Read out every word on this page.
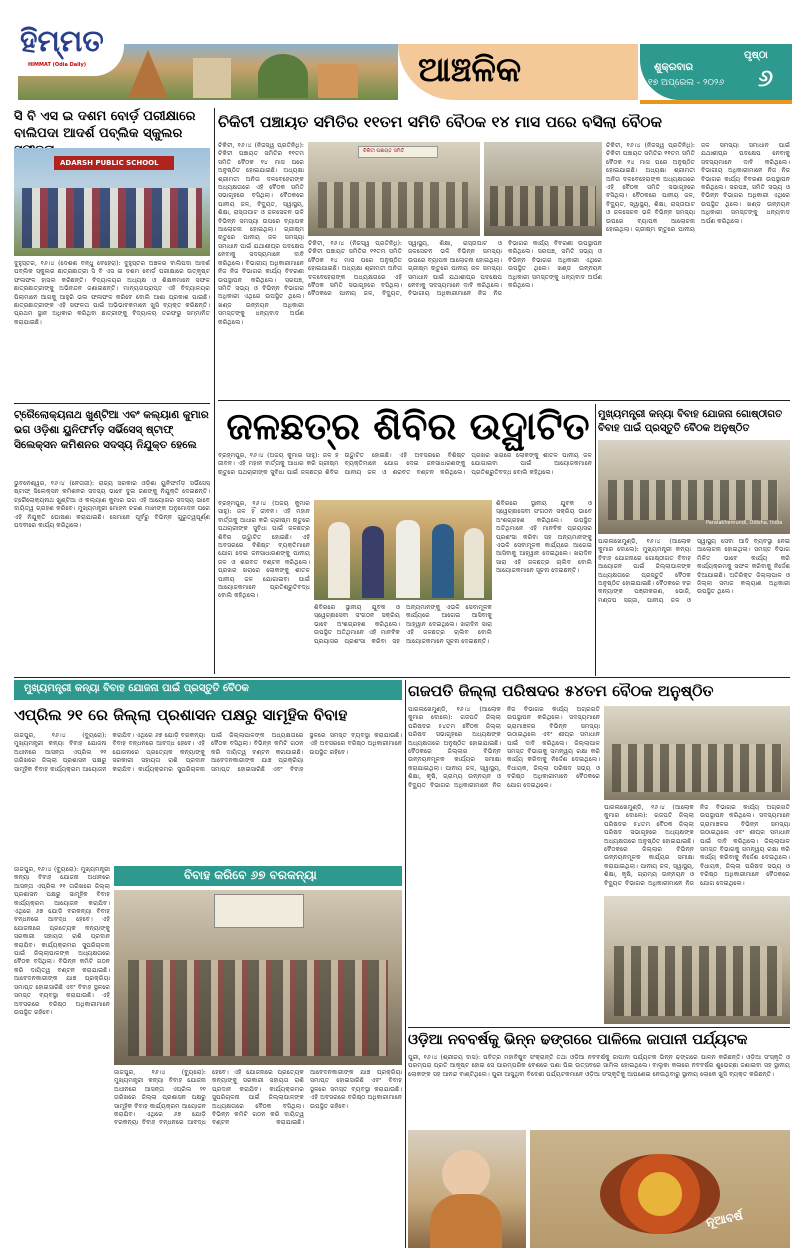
ହିମ୍ମତ
HIMMAT (Odia Daily)	ଆଞ୍ଚଳିକ	ଶୁକ୍ରବାର
୧୭ ଅପ୍ରେଲ - ୨୦୨୬
ପୃଷ୍ଠା
୬
ସି ବି ଏସ ଇ ଦଶମ ବୋର୍ଡ଼ ପରୀକ୍ଷାରେ ବାଲିପଦା ଆଦର୍ଶ ପବ୍ଲିକ ସ୍କୁଲର
ADARSH PUBLIC SCHOOL
ଦୁହୁସ୍ତର, ୧୬।୪ (ଦେଶଶ ବନ୍ଧୁ ବେହେରା): ଦୁହୁସ୍ତର ଅଞ୍ଚଳର ବାଲିପଦା ଆଦର୍ଶ ପବ୍ଲିକ ସ୍କୁଲର ଛାତ୍ରଛାତ୍ରୀ ସି ବି ଏସ ଇ ଦଶମ ବୋର୍ଡ଼ ପରୀକ୍ଷାରେ ଉତ୍କୃଷ୍ଟ ଫଳାଫଳ ହାସଲ କରିଛନ୍ତି। ବିଦ୍ୟାଳୟର ଅଧ୍ୟକ୍ଷ ଓ ଶିକ୍ଷକମାନେ ସଫଳ ଛାତ୍ରଛାତ୍ରୀଙ୍କୁ ଅଭିନନ୍ଦନ ଜଣାଇଛନ୍ତି। ମାନ୍ୟତାପ୍ରାପ୍ତ ଏହି ବିଦ୍ୟାଳୟର ପିଲାମାନେ ଆଗକୁ ଆହୁରି ଭଲ ଫଳାଫଳ କରିବେ ବୋଲି ଆଶା ପ୍ରକାଶ ପାଇଛି। ଛାତ୍ରଛାତ୍ରୀଙ୍କ ଏହି ସଫଳତା ପାଇଁ ଅଭିଭାବକମାନେ ଖୁସି ବ୍ୟକ୍ତ କରିଛନ୍ତି। ପ୍ରଥମ ସ୍ଥାନ ଅଧିକାର କରିଥିବା ଛାତ୍ରୀଙ୍କୁ ବିଦ୍ୟାଳୟ ତରଫରୁ ସମ୍ମାନିତ କରାଯାଇଛି।
ଟ୍ରୈଲୋକ୍ୟନାଥ ଖୁଣ୍ଟିଆ ଏବଂ କଲ୍ୟାଣ କୁମାର ଭଗ ଓଡ଼ିଶା ୟୁନିଫର୍ମଡ଼ ସର୍ଭିସେସ୍ ଷ୍ଟାଫ୍ ସିଲେକ୍ସନ କମିଶନର ସଦସ୍ୟ ନିଯୁକ୍ତ ହେଲେ
ଭୁବନେଶ୍ୱର, ୧୬।୪ (ନେତାଜୀ): ରାଜ୍ୟ ସରକାର ଓଡ଼ିଶା ୟୁନିଫର୍ମଡ଼ ସର୍ଭିସେସ୍ ଷ୍ଟାଫ୍ ସିଲେକ୍ସନ କମିଶନର ସଦସ୍ୟ ଭାବେ ଦୁଇ ଜଣଙ୍କୁ ନିଯୁକ୍ତି ଦେଇଛନ୍ତି। ଟ୍ରୈଲୋକ୍ୟନାଥ ଖୁଣ୍ଟିଆ ଓ କଲ୍ୟାଣ କୁମାର ଭଗ ଏହି ଆୟୋଗର ସଦସ୍ୟ ଭାବେ ଦାୟିତ୍ୱ ଗ୍ରହଣ କରିବେ। ମୁଖ୍ୟମନ୍ତ୍ରୀ ମୋହନ ଚରଣ ମାଝୀଙ୍କ ଅନୁମୋଦନ ପରେ ଏହି ନିଯୁକ୍ତି ଘୋଷଣା କରାଯାଇଛି। ସେମାନେ ପୂର୍ବରୁ ବିଭିନ୍ନ ଗୁରୁତ୍ୱପୂର୍ଣ୍ଣ ପଦବୀରେ କାର୍ଯ୍ୟ କରିଥିଲେ।
ଚିକିଟୀ ପଞ୍ଚାୟତ ସମିତିର ୧୧ତମ ସମିତି ବୈଠକ ୧୪ ମାସ ପରେ ବସିଲା ବୈଠକ
ଚିକିଟୀ ପଞ୍ଚାୟତ ସମିତି
ଚିକିଟୀ, ୧୬।୪ (ନିଜସ୍ୱ ପ୍ରତିନିଧି): ଚିକିଟୀ ପଞ୍ଚାୟତ ସମିତିର ୧୧ତମ ସମିତି ବୈଠକ ୧୪ ମାସ ପରେ ଅନୁଷ୍ଠିତ ହୋଇଯାଇଛି। ଅଧ୍ୟକ୍ଷା ଶ୍ରୀମତୀ ଅନିତା ଦଳବେହେରାଙ୍କ ଅଧ୍ୟକ୍ଷତାରେ ଏହି ବୈଠକ ସମିତି ସଭାଗୃହରେ ବସିଥିଲା। ବୈଠକରେ ପାନୀୟ ଜଳ, ବିଦ୍ୟୁତ, ସ୍ୱାସ୍ଥ୍ୟ, ଶିକ୍ଷା, ରାସ୍ତାଘାଟ ଓ ଜଳସେଚନ ଭଳି ବିଭିନ୍ନ ସମସ୍ୟା ଉପରେ ବ୍ୟାପକ ଆଲୋଚନା ହୋଇଥିଲା। ଗ୍ରୀଷ୍ମ ଋତୁରେ ପାନୀୟ ଜଳ ସମସ୍ୟା ସମାଧାନ ପାଇଁ ଯଥାଶୀଘ୍ର ପଦକ୍ଷେପ ନେବାକୁ ସଦସ୍ୟମାନେ ଦାବି କରିଥିଲେ। ବିଭାଗୀୟ ଅଧିକାରୀମାନେ ନିଜ ନିଜ ବିଭାଗର କାର୍ଯ୍ୟ ବିବରଣୀ ଉପସ୍ଥାପନ କରିଥିଲେ। ସରପଞ୍ଚ, ସମିତି ସଭ୍ୟ ଓ ବିଭିନ୍ନ ବିଭାଗର ଅଧିକାରୀ ଏଥିରେ ଉପସ୍ଥିତ ଥିଲେ। ଖଣ୍ଡ ଉନ୍ନୟନ ଅଧିକାରୀ ସମସ୍ତଙ୍କୁ ଧନ୍ୟବାଦ ଅର୍ପଣ କରିଥିଲେ।
ଚିକିଟୀ, ୧୬।୪ (ନିଜସ୍ୱ ପ୍ରତିନିଧି): ଚିକିଟୀ ପଞ୍ଚାୟତ ସମିତିର ୧୧ତମ ସମିତି ବୈଠକ ୧୪ ମାସ ପରେ ଅନୁଷ୍ଠିତ ହୋଇଯାଇଛି। ଅଧ୍ୟକ୍ଷା ଶ୍ରୀମତୀ ଅନିତା ଦଳବେହେରାଙ୍କ ଅଧ୍ୟକ୍ଷତାରେ ଏହି ବୈଠକ ସମିତି ସଭାଗୃହରେ ବସିଥିଲା। ବୈଠକରେ ପାନୀୟ ଜଳ, ବିଦ୍ୟୁତ, ସ୍ୱାସ୍ଥ୍ୟ, ଶିକ୍ଷା, ରାସ୍ତାଘାଟ ଓ ଜଳସେଚନ ଭଳି ବିଭିନ୍ନ ସମସ୍ୟା ଉପରେ ବ୍ୟାପକ ଆଲୋଚନା ହୋଇଥିଲା। ଗ୍ରୀଷ୍ମ ଋତୁରେ ପାନୀୟ ଜଳ ସମସ୍ୟା ସମାଧାନ ପାଇଁ ଯଥାଶୀଘ୍ର ପଦକ୍ଷେପ ନେବାକୁ ସଦସ୍ୟମାନେ ଦାବି କରିଥିଲେ। ବିଭାଗୀୟ ଅଧିକାରୀମାନେ ନିଜ ନିଜ ବିଭାଗର କାର୍ଯ୍ୟ ବିବରଣୀ ଉପସ୍ଥାପନ କରିଥିଲେ। ସରପଞ୍ଚ, ସମିତି ସଭ୍ୟ ଓ ବିଭିନ୍ନ ବିଭାଗର ଅଧିକାରୀ ଏଥିରେ ଉପସ୍ଥିତ ଥିଲେ। ଖଣ୍ଡ ଉନ୍ନୟନ ଅଧିକାରୀ ସମସ୍ତଙ୍କୁ ଧନ୍ୟବାଦ ଅର୍ପଣ କରିଥିଲେ।
ଚିକିଟୀ, ୧୬।୪ (ନିଜସ୍ୱ ପ୍ରତିନିଧି): ଚିକିଟୀ ପଞ୍ଚାୟତ ସମିତିର ୧୧ତମ ସମିତି ବୈଠକ ୧୪ ମାସ ପରେ ଅନୁଷ୍ଠିତ ହୋଇଯାଇଛି। ଅଧ୍ୟକ୍ଷା ଶ୍ରୀମତୀ ଅନିତା ଦଳବେହେରାଙ୍କ ଅଧ୍ୟକ୍ଷତାରେ ଏହି ବୈଠକ ସମିତି ସଭାଗୃହରେ ବସିଥିଲା। ବୈଠକରେ ପାନୀୟ ଜଳ, ବିଦ୍ୟୁତ, ସ୍ୱାସ୍ଥ୍ୟ, ଶିକ୍ଷା, ରାସ୍ତାଘାଟ ଓ ଜଳସେଚନ ଭଳି ବିଭିନ୍ନ ସମସ୍ୟା ଉପରେ ବ୍ୟାପକ ଆଲୋଚନା ହୋଇଥିଲା। ଗ୍ରୀଷ୍ମ ଋତୁରେ ପାନୀୟ ଜଳ ସମସ୍ୟା ସମାଧାନ ପାଇଁ ଯଥାଶୀଘ୍ର ପଦକ୍ଷେପ ନେବାକୁ ସଦସ୍ୟମାନେ ଦାବି କରିଥିଲେ। ବିଭାଗୀୟ ଅଧିକାରୀମାନେ ନିଜ ନିଜ ବିଭାଗର କାର୍ଯ୍ୟ ବିବରଣୀ ଉପସ୍ଥାପନ କରିଥିଲେ। ସରପଞ୍ଚ, ସମିତି ସଭ୍ୟ ଓ ବିଭିନ୍ନ ବିଭାଗର ଅଧିକାରୀ ଏଥିରେ ଉପସ୍ଥିତ ଥିଲେ। ଖଣ୍ଡ ଉନ୍ନୟନ ଅଧିକାରୀ ସମସ୍ତଙ୍କୁ ଧନ୍ୟବାଦ ଅର୍ପଣ କରିଥିଲେ।
ଜଳଛତ୍ର ଶିବିର ଉଦ୍ଘାଟିତ
ବ୍ରହ୍ମପୁର, ୧୬।୪ (ଅଜୟ କୁମାର ସାହୁ): ଜଳ ହିଁ ଜୀବନ। ଏହି ମହାନ ବାର୍ତ୍ତାକୁ ଆଧାର କରି ଗ୍ରୀଷ୍ମ ଋତୁରେ ପଥଚାରୀଙ୍କ ସୁବିଧା ପାଇଁ ଜଳଛତ୍ର ଶିବିର ଉଦ୍ଘାଟିତ ହୋଇଛି। ଏହି ଅବସରରେ ବିଶିଷ୍ଟ ବ୍ୟକ୍ତିମାନେ ଯୋଗ ଦେଇ ଜନସାଧାରଣଙ୍କୁ ପାନୀୟ ଜଳ ଓ ଶରବତ ବଣ୍ଟନ କରିଥିଲେ। ପ୍ରଖର ଖରାରେ ଲୋକଙ୍କୁ ଶୀତଳ ପାନୀୟ ଜଳ ଯୋଗାଇବା ପାଇଁ ଆୟୋଜକମାନେ ପ୍ରତିଶ୍ରୁତିବଦ୍ଧ ବୋଲି କହିଥିଲେ।
ବ୍ରହ୍ମପୁର, ୧୬।୪ (ଅଜୟ କୁମାର ସାହୁ): ଜଳ ହିଁ ଜୀବନ। ଏହି ମହାନ ବାର୍ତ୍ତାକୁ ଆଧାର କରି ଗ୍ରୀଷ୍ମ ଋତୁରେ ପଥଚାରୀଙ୍କ ସୁବିଧା ପାଇଁ ଜଳଛତ୍ର ଶିବିର ଉଦ୍ଘାଟିତ ହୋଇଛି। ଏହି ଅବସରରେ ବିଶିଷ୍ଟ ବ୍ୟକ୍ତିମାନେ ଯୋଗ ଦେଇ ଜନସାଧାରଣଙ୍କୁ ପାନୀୟ ଜଳ ଓ ଶରବତ ବଣ୍ଟନ କରିଥିଲେ। ପ୍ରଖର ଖରାରେ ଲୋକଙ୍କୁ ଶୀତଳ ପାନୀୟ ଜଳ ଯୋଗାଇବା ପାଇଁ ଆୟୋଜକମାନେ ପ୍ରତିଶ୍ରୁତିବଦ୍ଧ ବୋଲି କହିଥିଲେ।
ଶିବିରରେ ସ୍ଥାନୀୟ ଯୁବକ ଓ ସ୍ୱେଚ୍ଛାସେବୀ ସଂଗଠନ ସକ୍ରିୟ ଭାବେ ଅଂଶଗ୍ରହଣ କରିଥିଲେ। ଉପସ୍ଥିତ ଅତିଥିମାନେ ଏହି ମାନବିକ ପ୍ରୟାସର ପ୍ରଶଂସା କରିବା ସହ ଅନ୍ୟମାନଙ୍କୁ ଏଭଳି ସେବାମୂଳକ କାର୍ଯ୍ୟରେ ଆଗେଇ ଆସିବାକୁ ଆହ୍ୱାନ ଦେଇଥିଲେ। ଖରାଦିନ ସାରା ଏହି ଜଳଛତ୍ର ଚାଲିବ ବୋଲି ଆୟୋଜକମାନେ ସୂଚନା ଦେଇଛନ୍ତି।
ଶିବିରରେ ସ୍ଥାନୀୟ ଯୁବକ ଓ ସ୍ୱେଚ୍ଛାସେବୀ ସଂଗଠନ ସକ୍ରିୟ ଭାବେ ଅଂଶଗ୍ରହଣ କରିଥିଲେ। ଉପସ୍ଥିତ ଅତିଥିମାନେ ଏହି ମାନବିକ ପ୍ରୟାସର ପ୍ରଶଂସା କରିବା ସହ ଅନ୍ୟମାନଙ୍କୁ ଏଭଳି ସେବାମୂଳକ କାର୍ଯ୍ୟରେ ଆଗେଇ ଆସିବାକୁ ଆହ୍ୱାନ ଦେଇଥିଲେ। ଖରାଦିନ ସାରା ଏହି ଜଳଛତ୍ର ଚାଲିବ ବୋଲି ଆୟୋଜକମାନେ ସୂଚନା ଦେଇଛନ୍ତି।
ମୁଖ୍ୟମନ୍ତ୍ରୀ କନ୍ୟା ବିବାହ ଯୋଜନା ଗୋଷ୍ଠୀଗତ ବିବାହ ପାଇଁ ପ୍ରସ୍ତୁତି ବୈଠକ ଅନୁଷ୍ଠିତ
Paralakhemundi, Odisha, India
ପାରଳାଖେମୁଣ୍ଡି, ୧୬।୪ (ଆଲୋକ କୁମାର ଦୋଲେ): ମୁଖ୍ୟମନ୍ତ୍ରୀ କନ୍ୟା ବିବାହ ଯୋଜନାରେ ଗୋଷ୍ଠୀଗତ ବିବାହ ଆୟୋଜନ ପାଇଁ ଜିଲ୍ଲାପାଳଙ୍କ ଅଧ୍ୟକ୍ଷତାରେ ପ୍ରସ୍ତୁତି ବୈଠକ ଅନୁଷ୍ଠିତ ହୋଇଯାଇଛି। ବୈଠକରେ ବର କନ୍ୟାଙ୍କ ପଞ୍ଜୀକରଣ, ଭୋଜି, ମଣ୍ଡପ ସଜ୍ଜା, ପାନୀୟ ଜଳ ଓ ସ୍ୱାସ୍ଥ୍ୟ ସେବା ଆଦି ବ୍ୟବସ୍ଥା ନେଇ ଆଲୋଚନା ହୋଇଥିଲା। ସମସ୍ତ ବିଭାଗ ମିଳିତ ଭାବେ କାର୍ଯ୍ୟ କରି କାର୍ଯ୍ୟକ୍ରମକୁ ସଫଳ କରିବାକୁ ନିର୍ଦ୍ଦେଶ ଦିଆଯାଇଛି। ଅତିରିକ୍ତ ଜିଲ୍ଲାପାଳ ଓ ଜିଲ୍ଲା ସମାଜ କଲ୍ୟାଣ ଅଧିକାରୀ ଉପସ୍ଥିତ ଥିଲେ।
ମୁଖ୍ୟମନ୍ତ୍ରୀ କନ୍ୟା ବିବାହ ଯୋଜନା ପାଇଁ ପ୍ରସ୍ତୁତି ବୈଠକ
ଏପ୍ରିଲ ୨୧ ରେ ଜିଲ୍ଲା ପ୍ରଶାସନ ପକ୍ଷରୁ ସାମୂହିକ ବିବାହ
ଜାଜପୁର, ୧୬।୪ (ବ୍ୟୁରୋ): ମୁଖ୍ୟମନ୍ତ୍ରୀ କନ୍ୟା ବିବାହ ଯୋଜନା ଅଧୀନରେ ଆସନ୍ତା ଏପ୍ରିଲ ୨୧ ତାରିଖରେ ଜିଲ୍ଲା ପ୍ରଶାସନ ପକ୍ଷରୁ ସାମୂହିକ ବିବାହ କାର୍ଯ୍ୟକ୍ରମ ଆୟୋଜନ କରାଯିବ। ଏଥିରେ ୬୭ ଯୋଡ଼ି ବରକନ୍ୟା ବିବାହ ବନ୍ଧନରେ ଆବଦ୍ଧ ହେବେ। ଏହି ଯୋଜନାରେ ପ୍ରତ୍ୟେକ କନ୍ୟାଙ୍କୁ ସରକାରୀ ସହାୟତା ରାଶି ପ୍ରଦାନ କରାଯିବ। କାର୍ଯ୍ୟକ୍ରମର ସୁପରିଚାଳନା ପାଇଁ ଜିଲ୍ଲାପାଳଙ୍କ ଅଧ୍ୟକ୍ଷତାରେ ବୈଠକ ବସିଥିଲା। ବିଭିନ୍ନ କମିଟି ଗଠନ କରି ଦାୟିତ୍ୱ ବଣ୍ଟନ କରାଯାଇଛି। ଆବେଦନକାରୀଙ୍କ ଯାଞ୍ଚ ପ୍ରକ୍ରିୟା ସମାପ୍ତ ହୋଇସାରିଛି ଏବଂ ବିବାହ ସ୍ଥଳରେ ସମସ୍ତ ବ୍ୟବସ୍ଥା କରାଯାଉଛି। ଏହି ଅବସରରେ ବରିଷ୍ଠ ଅଧିକାରୀମାନେ ଉପସ୍ଥିତ ରହିବେ।
ବିବାହ କରିବେ ୬୭ ବରକନ୍ୟା
ଜାଜପୁର, ୧୬।୪ (ବ୍ୟୁରୋ): ମୁଖ୍ୟମନ୍ତ୍ରୀ କନ୍ୟା ବିବାହ ଯୋଜନା ଅଧୀନରେ ଆସନ୍ତା ଏପ୍ରିଲ ୨୧ ତାରିଖରେ ଜିଲ୍ଲା ପ୍ରଶାସନ ପକ୍ଷରୁ ସାମୂହିକ ବିବାହ କାର୍ଯ୍ୟକ୍ରମ ଆୟୋଜନ କରାଯିବ। ଏଥିରେ ୬୭ ଯୋଡ଼ି ବରକନ୍ୟା ବିବାହ ବନ୍ଧନରେ ଆବଦ୍ଧ ହେବେ। ଏହି ଯୋଜନାରେ ପ୍ରତ୍ୟେକ କନ୍ୟାଙ୍କୁ ସରକାରୀ ସହାୟତା ରାଶି ପ୍ରଦାନ କରାଯିବ। କାର୍ଯ୍ୟକ୍ରମର ସୁପରିଚାଳନା ପାଇଁ ଜିଲ୍ଲାପାଳଙ୍କ ଅଧ୍ୟକ୍ଷତାରେ ବୈଠକ ବସିଥିଲା। ବିଭିନ୍ନ କମିଟି ଗଠନ କରି ଦାୟିତ୍ୱ ବଣ୍ଟନ କରାଯାଇଛି। ଆବେଦନକାରୀଙ୍କ ଯାଞ୍ଚ ପ୍ରକ୍ରିୟା ସମାପ୍ତ ହୋଇସାରିଛି ଏବଂ ବିବାହ ସ୍ଥଳରେ ସମସ୍ତ ବ୍ୟବସ୍ଥା କରାଯାଉଛି। ଏହି ଅବସରରେ ବରିଷ୍ଠ ଅଧିକାରୀମାନେ ଉପସ୍ଥିତ ରହିବେ।
ଜାଜପୁର, ୧୬।୪ (ବ୍ୟୁରୋ): ମୁଖ୍ୟମନ୍ତ୍ରୀ କନ୍ୟା ବିବାହ ଯୋଜନା ଅଧୀନରେ ଆସନ୍ତା ଏପ୍ରିଲ ୨୧ ତାରିଖରେ ଜିଲ୍ଲା ପ୍ରଶାସନ ପକ୍ଷରୁ ସାମୂହିକ ବିବାହ କାର୍ଯ୍ୟକ୍ରମ ଆୟୋଜନ କରାଯିବ। ଏଥିରେ ୬୭ ଯୋଡ଼ି ବରକନ୍ୟା ବିବାହ ବନ୍ଧନରେ ଆବଦ୍ଧ ହେବେ। ଏହି ଯୋଜନାରେ ପ୍ରତ୍ୟେକ କନ୍ୟାଙ୍କୁ ସରକାରୀ ସହାୟତା ରାଶି ପ୍ରଦାନ କରାଯିବ। କାର୍ଯ୍ୟକ୍ରମର ସୁପରିଚାଳନା ପାଇଁ ଜିଲ୍ଲାପାଳଙ୍କ ଅଧ୍ୟକ୍ଷତାରେ ବୈଠକ ବସିଥିଲା। ବିଭିନ୍ନ କମିଟି ଗଠନ କରି ଦାୟିତ୍ୱ ବଣ୍ଟନ କରାଯାଇଛି। ଆବେଦନକାରୀଙ୍କ ଯାଞ୍ଚ ପ୍ରକ୍ରିୟା ସମାପ୍ତ ହୋଇସାରିଛି ଏବଂ ବିବାହ ସ୍ଥଳରେ ସମସ୍ତ ବ୍ୟବସ୍ଥା କରାଯାଉଛି। ଏହି ଅବସରରେ ବରିଷ୍ଠ ଅଧିକାରୀମାନେ ଉପସ୍ଥିତ ରହିବେ।
ଗଜପତି ଜିଲ୍ଲା ପରିଷଦର ୫୪ତମ ବୈଠକ ଅନୁଷ୍ଠିତ
ପାରଳାଖେମୁଣ୍ଡି, ୧୬।୪ (ଆଲୋକ କୁମାର ଦୋଲେ): ଗଜପତି ଜିଲ୍ଲା ପରିଷଦର ୫୪ତମ ବୈଠକ ଜିଲ୍ଲା ପରିଷଦ ସଭାଗୃହରେ ଅଧ୍ୟକ୍ଷଙ୍କ ଅଧ୍ୟକ୍ଷତାରେ ଅନୁଷ୍ଠିତ ହୋଇଯାଇଛି। ବୈଠକରେ ଜିଲ୍ଲାର ବିଭିନ୍ନ ଉନ୍ନୟନମୂଳକ କାର୍ଯ୍ୟର ସମୀକ୍ଷା କରାଯାଇଥିଲା। ପାନୀୟ ଜଳ, ସ୍ୱାସ୍ଥ୍ୟ, ଶିକ୍ଷା, କୃଷି, ଗ୍ରାମ୍ୟ ଉନ୍ନୟନ ଓ ବିଦ୍ୟୁତ ବିଭାଗର ଅଧିକାରୀମାନେ ନିଜ ନିଜ ବିଭାଗର କାର୍ଯ୍ୟ ଅଗ୍ରଗତି ଉପସ୍ଥାପନ କରିଥିଲେ। ସଦସ୍ୟମାନେ ଗ୍ରାମାଞ୍ଚଳର ବିଭିନ୍ନ ସମସ୍ୟା ଉଠାଇଥିଲେ ଏବଂ ଶୀଘ୍ର ସମାଧାନ ପାଇଁ ଦାବି କରିଥିଲେ। ଜିଲ୍ଲାପାଳ ସମସ୍ତ ବିଭାଗକୁ ସମନ୍ୱୟ ରକ୍ଷା କରି କାର୍ଯ୍ୟ କରିବାକୁ ନିର୍ଦ୍ଦେଶ ଦେଇଥିଲେ। ବିଧାୟକ, ଜିଲ୍ଲା ପରିଷଦ ସଭ୍ୟ ଓ ବରିଷ୍ଠ ଅଧିକାରୀମାନେ ବୈଠକରେ ଯୋଗ ଦେଇଥିଲେ।
ପାରଳାଖେମୁଣ୍ଡି, ୧୬।୪ (ଆଲୋକ କୁମାର ଦୋଲେ): ଗଜପତି ଜିଲ୍ଲା ପରିଷଦର ୫୪ତମ ବୈଠକ ଜିଲ୍ଲା ପରିଷଦ ସଭାଗୃହରେ ଅଧ୍ୟକ୍ଷଙ୍କ ଅଧ୍ୟକ୍ଷତାରେ ଅନୁଷ୍ଠିତ ହୋଇଯାଇଛି। ବୈଠକରେ ଜିଲ୍ଲାର ବିଭିନ୍ନ ଉନ୍ନୟନମୂଳକ କାର୍ଯ୍ୟର ସମୀକ୍ଷା କରାଯାଇଥିଲା। ପାନୀୟ ଜଳ, ସ୍ୱାସ୍ଥ୍ୟ, ଶିକ୍ଷା, କୃଷି, ଗ୍ରାମ୍ୟ ଉନ୍ନୟନ ଓ ବିଦ୍ୟୁତ ବିଭାଗର ଅଧିକାରୀମାନେ ନିଜ ନିଜ ବିଭାଗର କାର୍ଯ୍ୟ ଅଗ୍ରଗତି ଉପସ୍ଥାପନ କରିଥିଲେ। ସଦସ୍ୟମାନେ ଗ୍ରାମାଞ୍ଚଳର ବିଭିନ୍ନ ସମସ୍ୟା ଉଠାଇଥିଲେ ଏବଂ ଶୀଘ୍ର ସମାଧାନ ପାଇଁ ଦାବି କରିଥିଲେ। ଜିଲ୍ଲାପାଳ ସମସ୍ତ ବିଭାଗକୁ ସମନ୍ୱୟ ରକ୍ଷା କରି କାର୍ଯ୍ୟ କରିବାକୁ ନିର୍ଦ୍ଦେଶ ଦେଇଥିଲେ। ବିଧାୟକ, ଜିଲ୍ଲା ପରିଷଦ ସଭ୍ୟ ଓ ବରିଷ୍ଠ ଅଧିକାରୀମାନେ ବୈଠକରେ ଯୋଗ ଦେଇଥିଲେ।
ଓଡ଼ିଆ ନବବର୍ଷକୁ ଭିନ୍ନ ଢଙ୍ଗରେ ପାଳିଲେ ଜାପାନୀ ପର୍ଯ୍ୟଟକ
ପୁରୀ, ୧୬।୪ (ଶ୍ରୀଜୟ ଦାସ): ପବିତ୍ର ମହାବିଷୁବ ସଂକ୍ରାନ୍ତି ତଥା ଓଡ଼ିଆ ନବବର୍ଷକୁ ଜାପାନୀ ପର୍ଯ୍ୟଟକ ଭିନ୍ନ ଢଙ୍ଗରେ ପାଳନ କରିଛନ୍ତି। ଓଡ଼ିଆ ସଂସ୍କୃତି ଓ ପରମ୍ପରା ପ୍ରତି ଆକୃଷ୍ଟ ହୋଇ ସେ ପାରମ୍ପରିକ ବେଶରେ ପଣା ପିଇ ଉତ୍ସବରେ ସାମିଲ ହୋଇଥିଲେ। ବାଲୁକା କଳାରେ ନବବର୍ଷର ଶୁଭେଚ୍ଛା ଜଣାଇବା ସହ ସ୍ଥାନୀୟ ଲୋକଙ୍କ ସହ ଆନନ୍ଦ ବାଣ୍ଟିଥିଲେ। ପୁରୀ ଆସୁଥିବା ବିଦେଶୀ ପର୍ଯ୍ୟଟକମାନେ ଓଡ଼ିଆ ସଂସ୍କୃତିକୁ ଆପଣେଇ ନେଉଥିବାରୁ ସ୍ଥାନୀୟ ଲୋକେ ଖୁସି ବ୍ୟକ୍ତ କରିଛନ୍ତି।
ନୂଆବର୍ଷ
